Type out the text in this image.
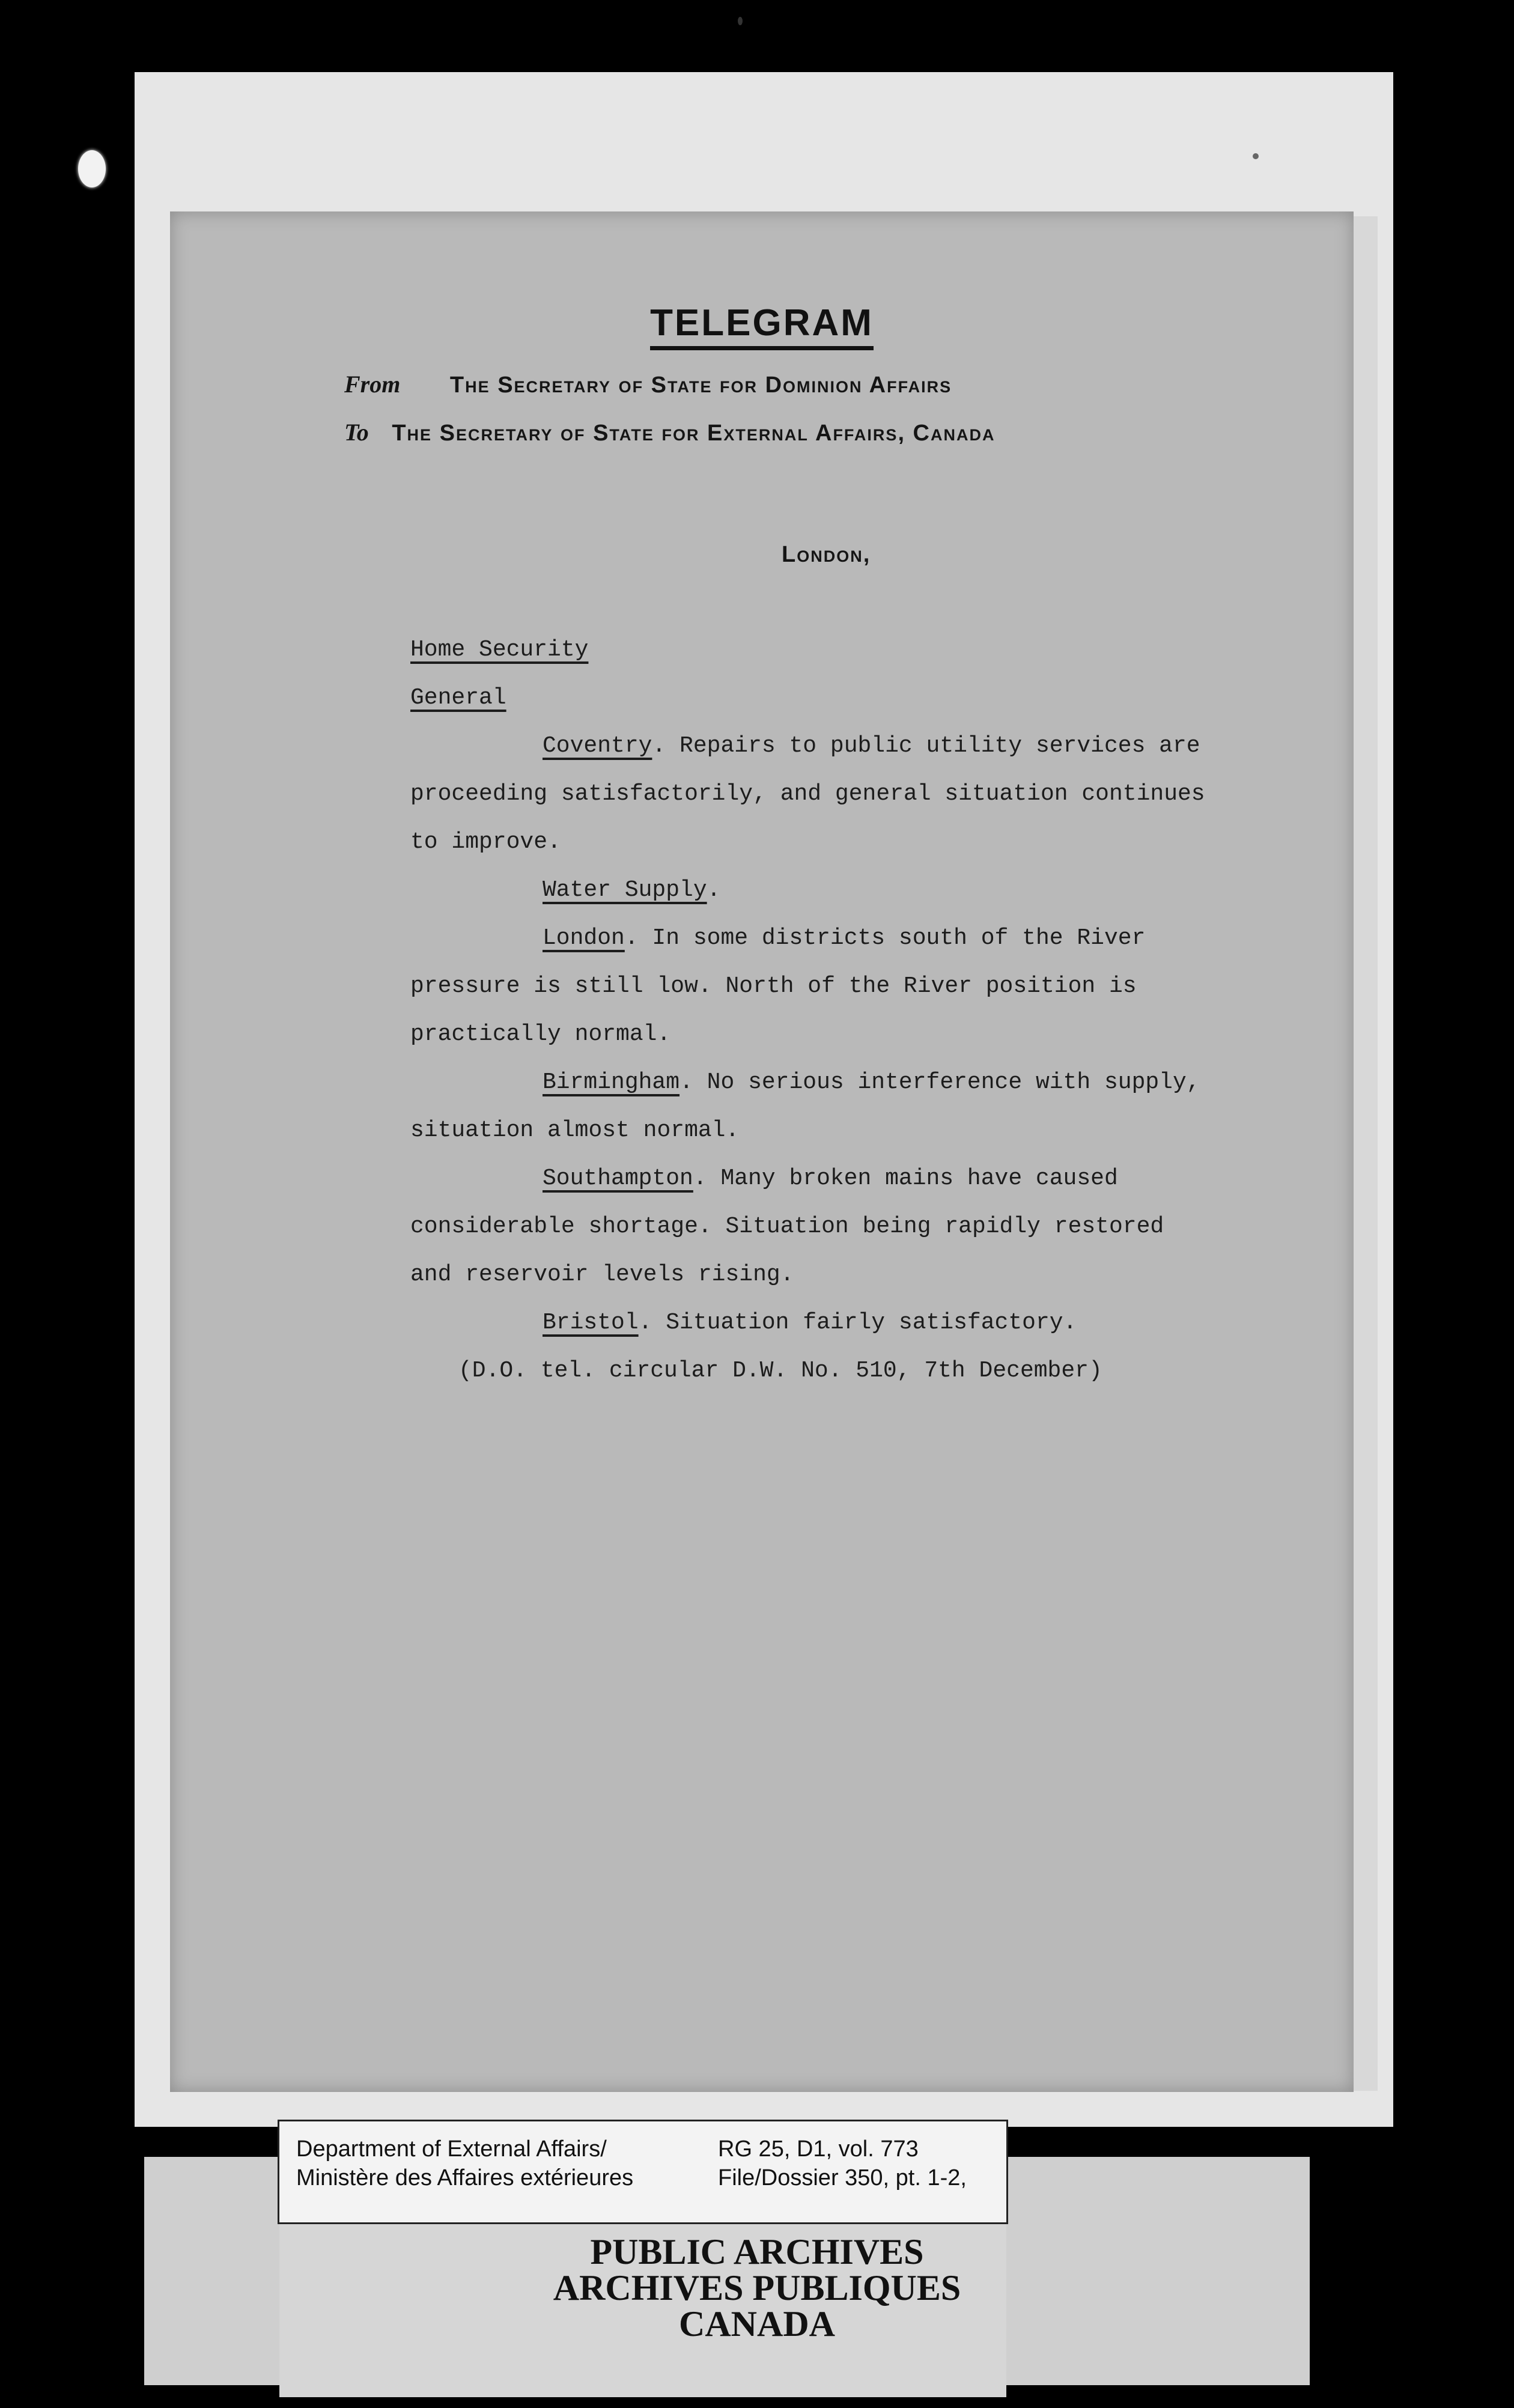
TELEGRAM
From The Secretary of State for Dominion Affairs
To The Secretary of State for External Affairs, Canada
London,
Home Security
General
Coventry. Repairs to public utility services are
proceeding satisfactorily, and general situation continues
to improve.
Water Supply.
London. In some districts south of the River
pressure is still low. North of the River position is
practically normal.
Birmingham. No serious interference with supply,
situation almost normal.
Southampton. Many broken mains have caused
considerable shortage. Situation being rapidly restored
and reservoir levels rising.
Bristol. Situation fairly satisfactory.
(D.O. tel. circular D.W. No. 510, 7th December)
Department of External Affairs/
Ministère des Affaires extérieures
RG 25, D1, vol. 773
File/Dossier 350, pt. 1-2,
PUBLIC ARCHIVES
ARCHIVES PUBLIQUES
CANADA
